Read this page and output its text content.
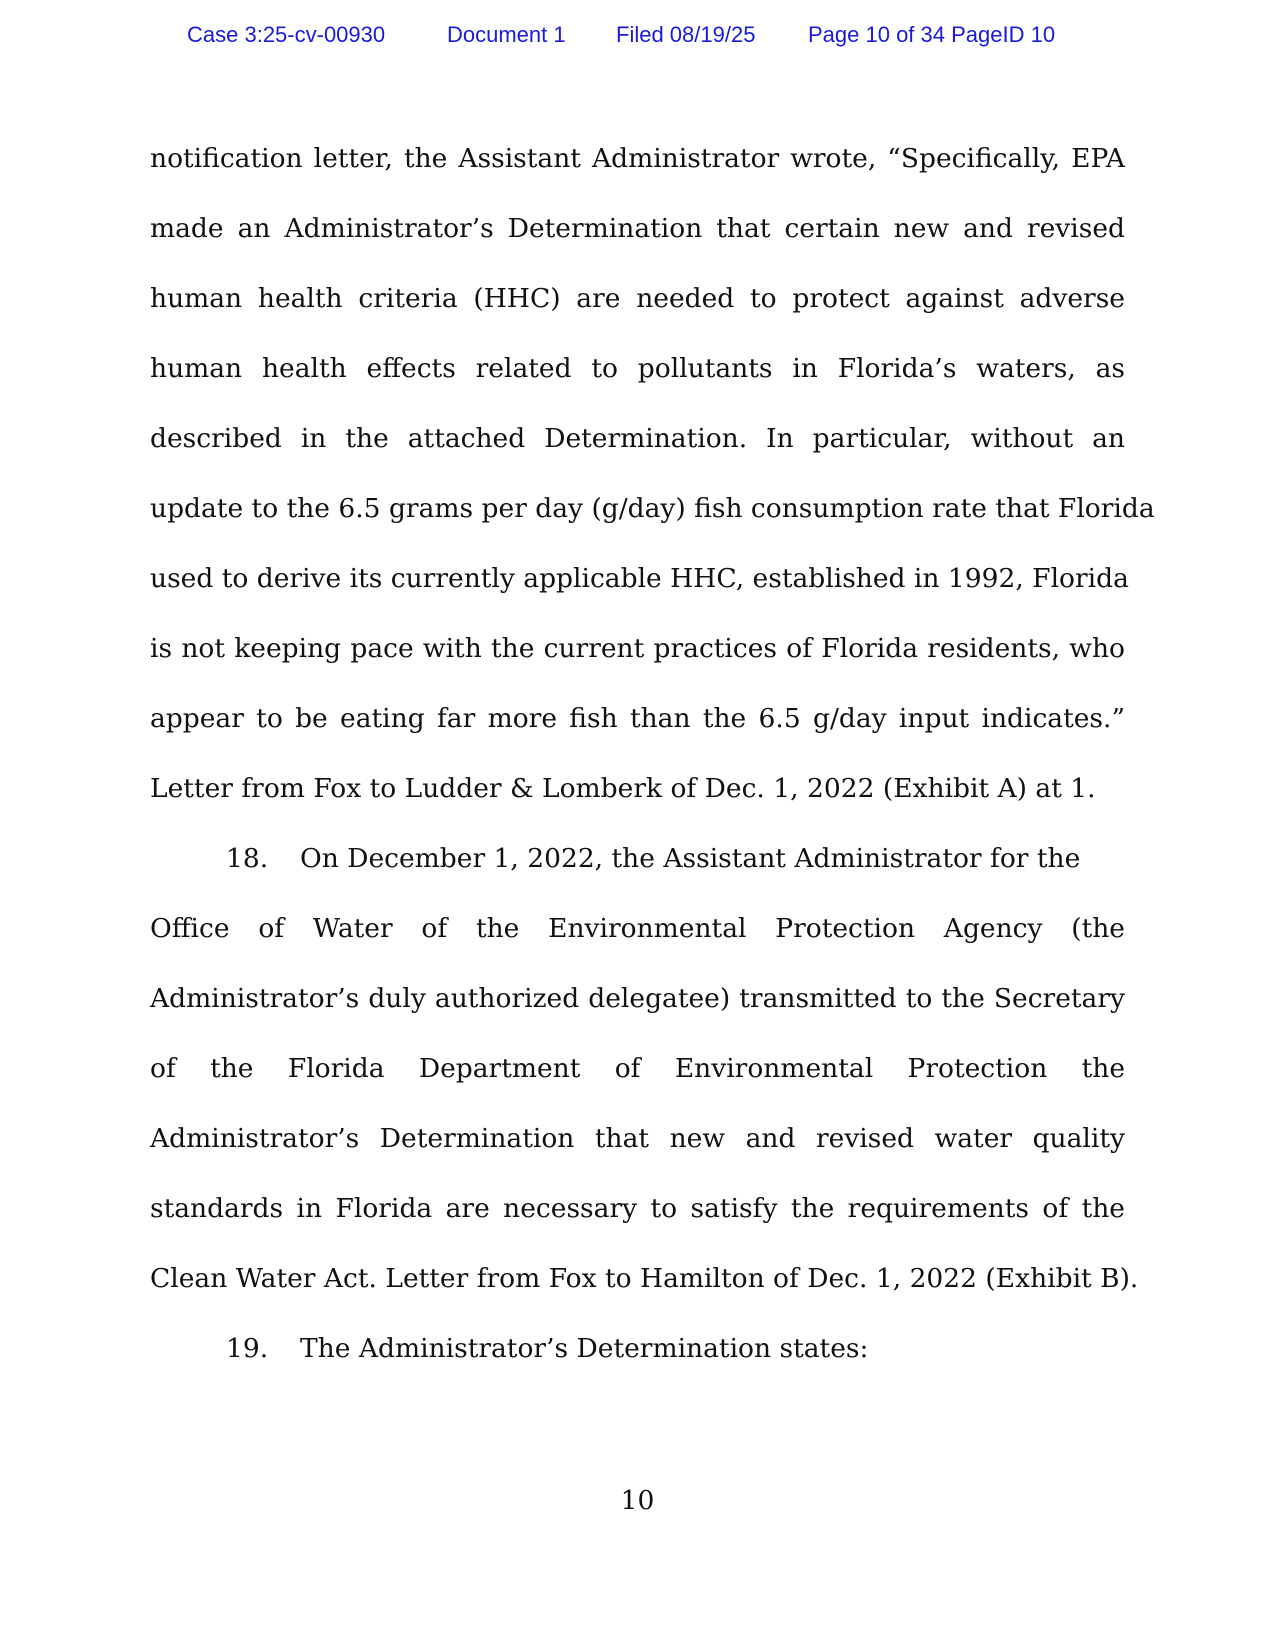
Case 3:25-cv-00930	Document 1 Filed 08/19/25 Page 10 of 34 PageID 10
notification letter, the Assistant Administrator wrote, “Specifically, EPA
made an Administrator’s Determination that certain new and revised
human health criteria (HHC) are needed to protect against adverse
human health effects related to pollutants in Florida’s waters, as
described in the attached Determination. In particular, without an
update to the 6.5 grams per day (g/day) fish consumption rate that Florida
used to derive its currently applicable HHC, established in 1992, Florida
is not keeping pace with the current practices of Florida residents, who
appear to be eating far more fish than the 6.5 g/day input indicates.”
Letter from Fox to Ludder & Lomberk of Dec. 1, 2022 (Exhibit A) at 1.
18. On December 1, 2022, the Assistant Administrator for the
Office of Water of the Environmental Protection Agency (the
Administrator’s duly authorized delegatee) transmitted to the Secretary
of the Florida Department of Environmental Protection the
Administrator’s Determination that new and revised water quality
standards in Florida are necessary to satisfy the requirements of the
Clean Water Act. Letter from Fox to Hamilton of Dec. 1, 2022 (Exhibit B).
19. The Administrator’s Determination states:
10
